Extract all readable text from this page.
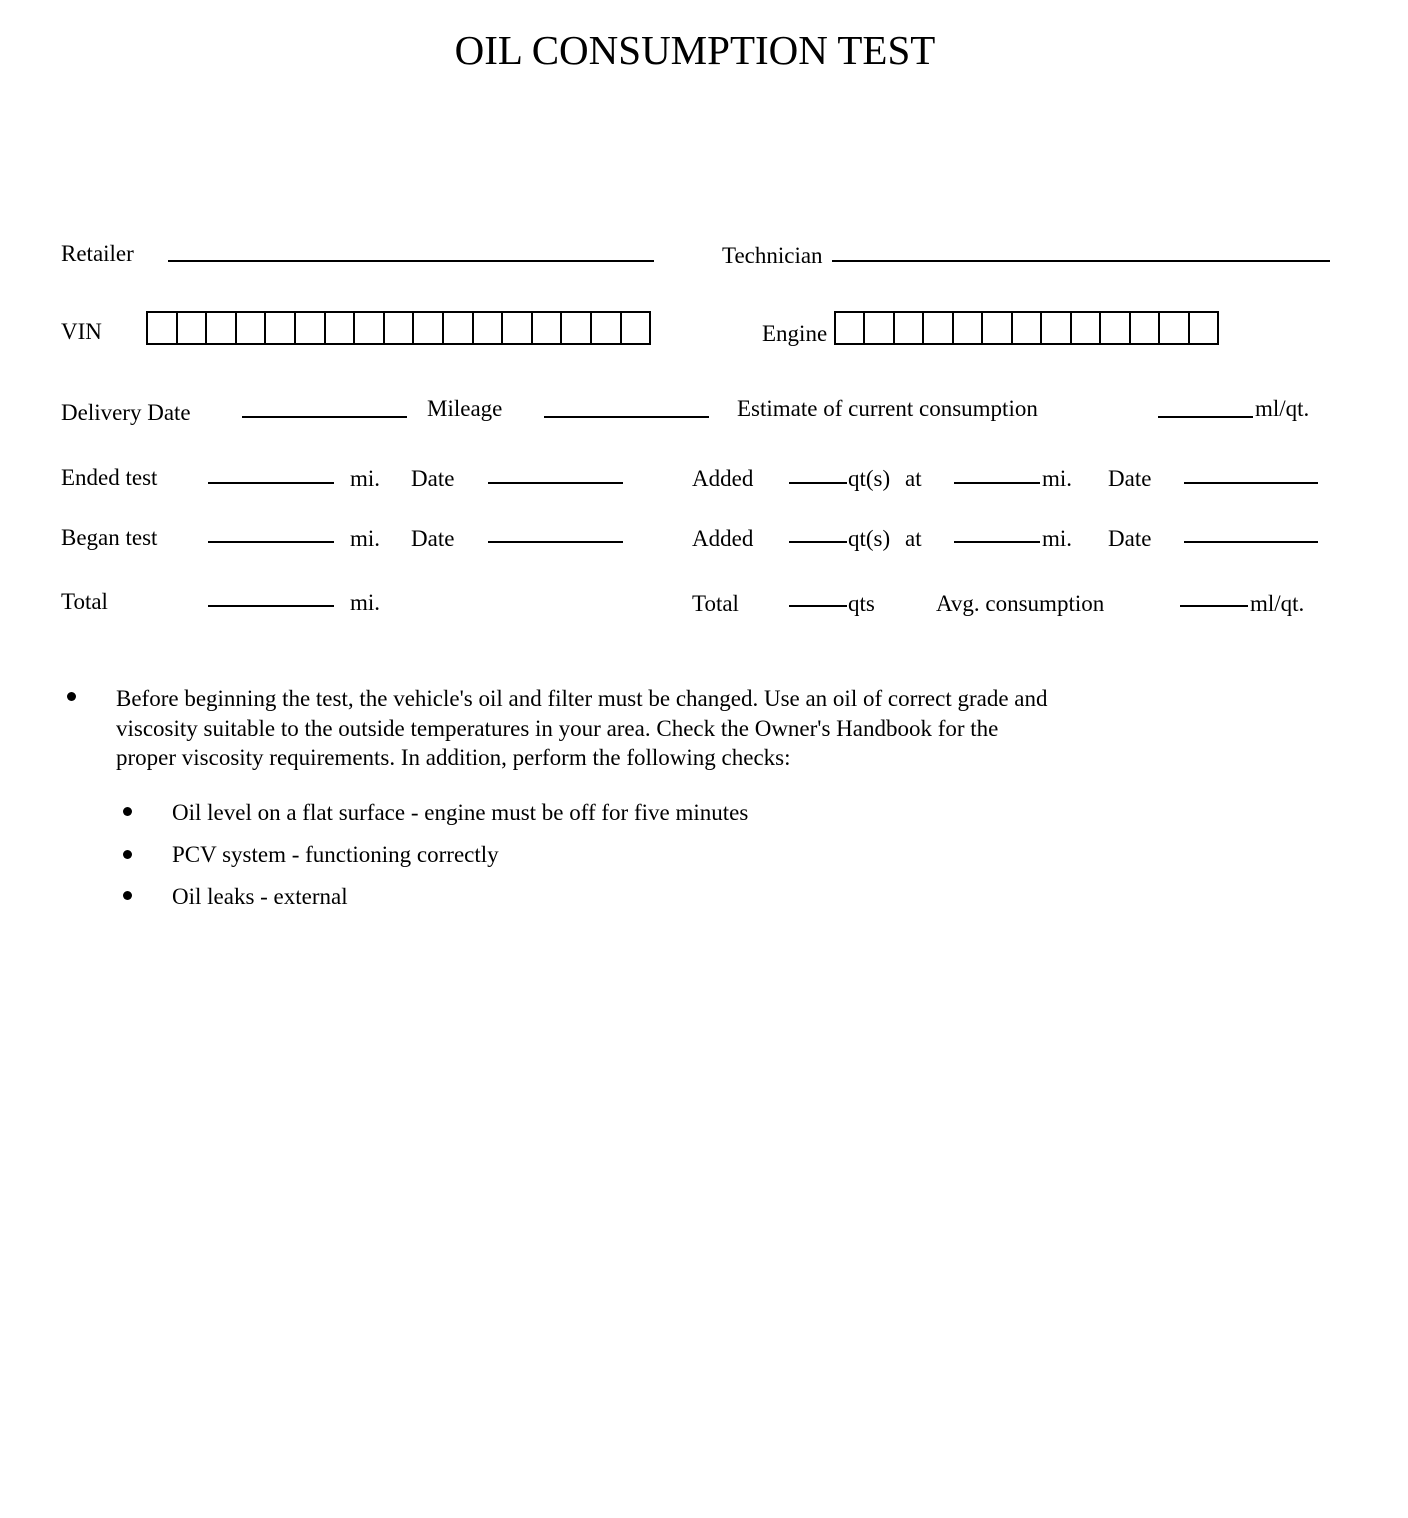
OIL CONSUMPTION TEST
Retailer	Technician
VIN	Engine
Delivery Date	Mileage	Estimate of current consumption	ml/qt.
Ended test	mi. Date	Added	qt(s) at	mi. Date
Began test	mi. Date	Added	qt(s) at	mi. Date
Total	mi.	Total	qts	Avg. consumption	ml/qt.
Before beginning the test, the vehicle's oil and filter must be changed. Use an oil of correct grade and
viscosity suitable to the outside temperatures in your area. Check the Owner's Handbook for the
proper viscosity requirements. In addition, perform the following checks:
Oil level on a flat surface - engine must be off for five minutes
PCV system - functioning correctly
Oil leaks - external
